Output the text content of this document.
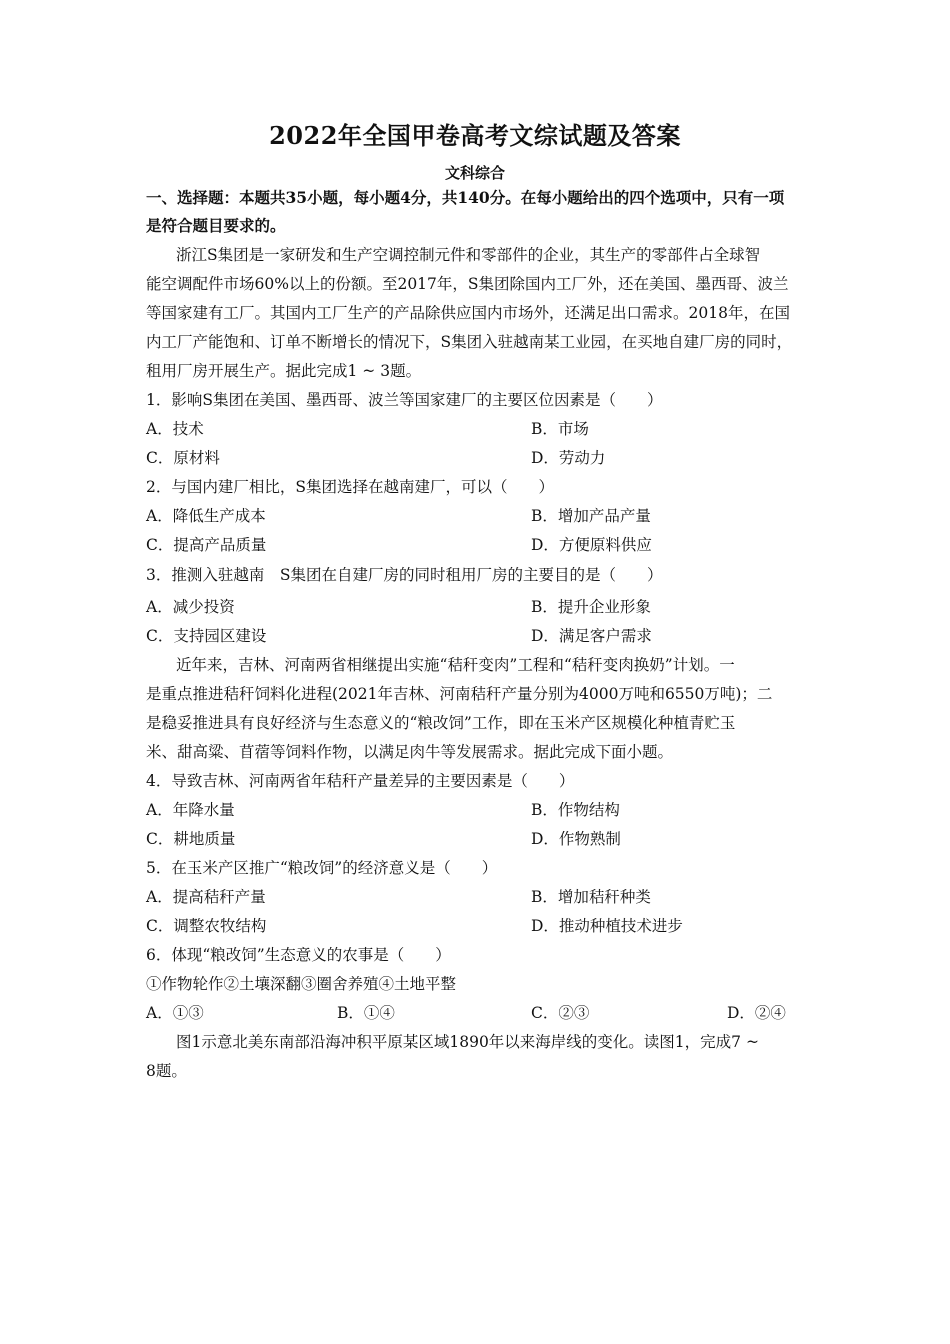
2022年全国甲卷高考文综试题及答案
文科综合
一、选择题：本题共35小题，每小题4分，共140分。在每小题给出的四个选项中，只有一项
是符合题目要求的。
浙江S集团是一家研发和生产空调控制元件和零部件的企业，其生产的零部件占全球智
能空调配件市场60%以上的份额。至2017年，S集团除国内工厂外，还在美国、墨西哥、波兰
等国家建有工厂。其国内工厂生产的产品除供应国内市场外，还满足出口需求。2018年，在国
内工厂产能饱和、订单不断增长的情况下，S集团入驻越南某工业园，在买地自建厂房的同时，
租用厂房开展生产。据此完成1 ~ 3题。
1．影响S集团在美国、墨西哥、波兰等国家建厂的主要区位因素是（　　）
A．技术	B．市场
C．原材料	D．劳动力
2．与国内建厂相比，S集团选择在越南建厂，可以（　　）
A．降低生产成本	B．增加产品产量
C．提高产品质量	D．方便原料供应
3．推测入驻越南　S集团在自建厂房的同时租用厂房的主要目的是（　　）
A．减少投资	B．提升企业形象
C．支持园区建设	D．满足客户需求
近年来，吉林、河南两省相继提出实施“秸秆变肉”工程和“秸秆变肉换奶”计划。一
是重点推进秸秆饲料化进程(2021年吉林、河南秸秆产量分别为4000万吨和6550万吨)；二
是稳妥推进具有良好经济与生态意义的“粮改饲”工作，即在玉米产区规模化种植青贮玉
米、甜高粱、苜蓿等饲料作物，以满足肉牛等发展需求。据此完成下面小题。
4．导致吉林、河南两省年秸秆产量差异的主要因素是（　　）
A．年降水量	B．作物结构
C．耕地质量	D．作物熟制
5．在玉米产区推广“粮改饲”的经济意义是（　　）
A．提高秸秆产量	B．增加秸秆种类
C．调整农牧结构	D．推动种植技术进步
6．体现“粮改饲”生态意义的农事是（　　）
①作物轮作②土壤深翻③圈舍养殖④土地平整
A．①③	B．①④	C．②③	D．②④
图1示意北美东南部沿海冲积平原某区域1890年以来海岸线的变化。读图1，完成7 ~
8题。
